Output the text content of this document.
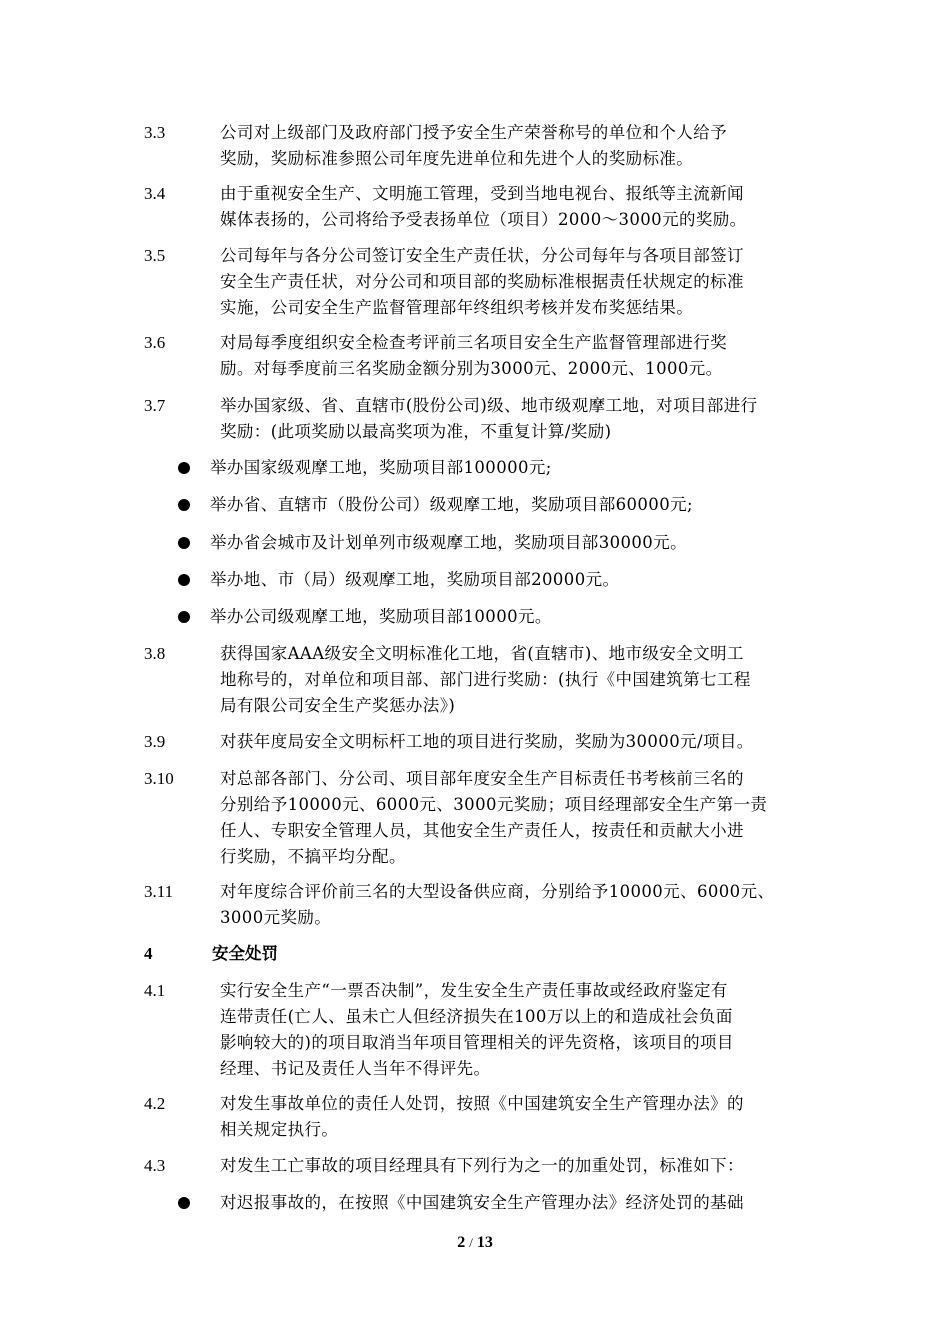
3.3	公司对上级部门及政府部门授予安全生产荣誉称号的单位和个人给予
奖励，奖励标准参照公司年度先进单位和先进个人的奖励标准。
3.4	由于重视安全生产、文明施工管理，受到当地电视台、报纸等主流新闻
媒体表扬的，公司将给予受表扬单位（项目）2000～3000元的奖励。
3.5	公司每年与各分公司签订安全生产责任状，分公司每年与各项目部签订
安全生产责任状，对分公司和项目部的奖励标准根据责任状规定的标准
实施，公司安全生产监督管理部年终组织考核并发布奖惩结果。
3.6	对局每季度组织安全检查考评前三名项目安全生产监督管理部进行奖
励。对每季度前三名奖励金额分别为3000元、2000元、1000元。
3.7	举办国家级、省、直辖市(股份公司)级、地市级观摩工地，对项目部进行
奖励：(此项奖励以最高奖项为准，不重复计算/奖励)
举办国家级观摩工地，奖励项目部100000元;
举办省、直辖市（股份公司）级观摩工地，奖励项目部60000元;
举办省会城市及计划单列市级观摩工地，奖励项目部30000元。
举办地、市（局）级观摩工地，奖励项目部20000元。
举办公司级观摩工地，奖励项目部10000元。
3.8	获得国家AAA级安全文明标准化工地，省(直辖市)、地市级安全文明工
地称号的，对单位和项目部、部门进行奖励：(执行《中国建筑第七工程
局有限公司安全生产奖惩办法》)
3.9	对获年度局安全文明标杆工地的项目进行奖励，奖励为30000元/项目。
3.10	对总部各部门、分公司、项目部年度安全生产目标责任书考核前三名的
分别给予10000元、6000元、3000元奖励；项目经理部安全生产第一责
任人、专职安全管理人员，其他安全生产责任人，按责任和贡献大小进
行奖励，不搞平均分配。
3.11	对年度综合评价前三名的大型设备供应商，分别给予10000元、6000元、
3000元奖励。
4	安全处罚
4.1	实行安全生产“一票否决制”，发生安全生产责任事故或经政府鉴定有
连带责任(亡人、虽未亡人但经济损失在100万以上的和造成社会负面
影响较大的)的项目取消当年项目管理相关的评先资格，该项目的项目
经理、书记及责任人当年不得评先。
4.2	对发生事故单位的责任人处罚，按照《中国建筑安全生产管理办法》的
相关规定执行。
4.3	对发生工亡事故的项目经理具有下列行为之一的加重处罚，标准如下：
对迟报事故的，在按照《中国建筑安全生产管理办法》经济处罚的基础
2 / 13
